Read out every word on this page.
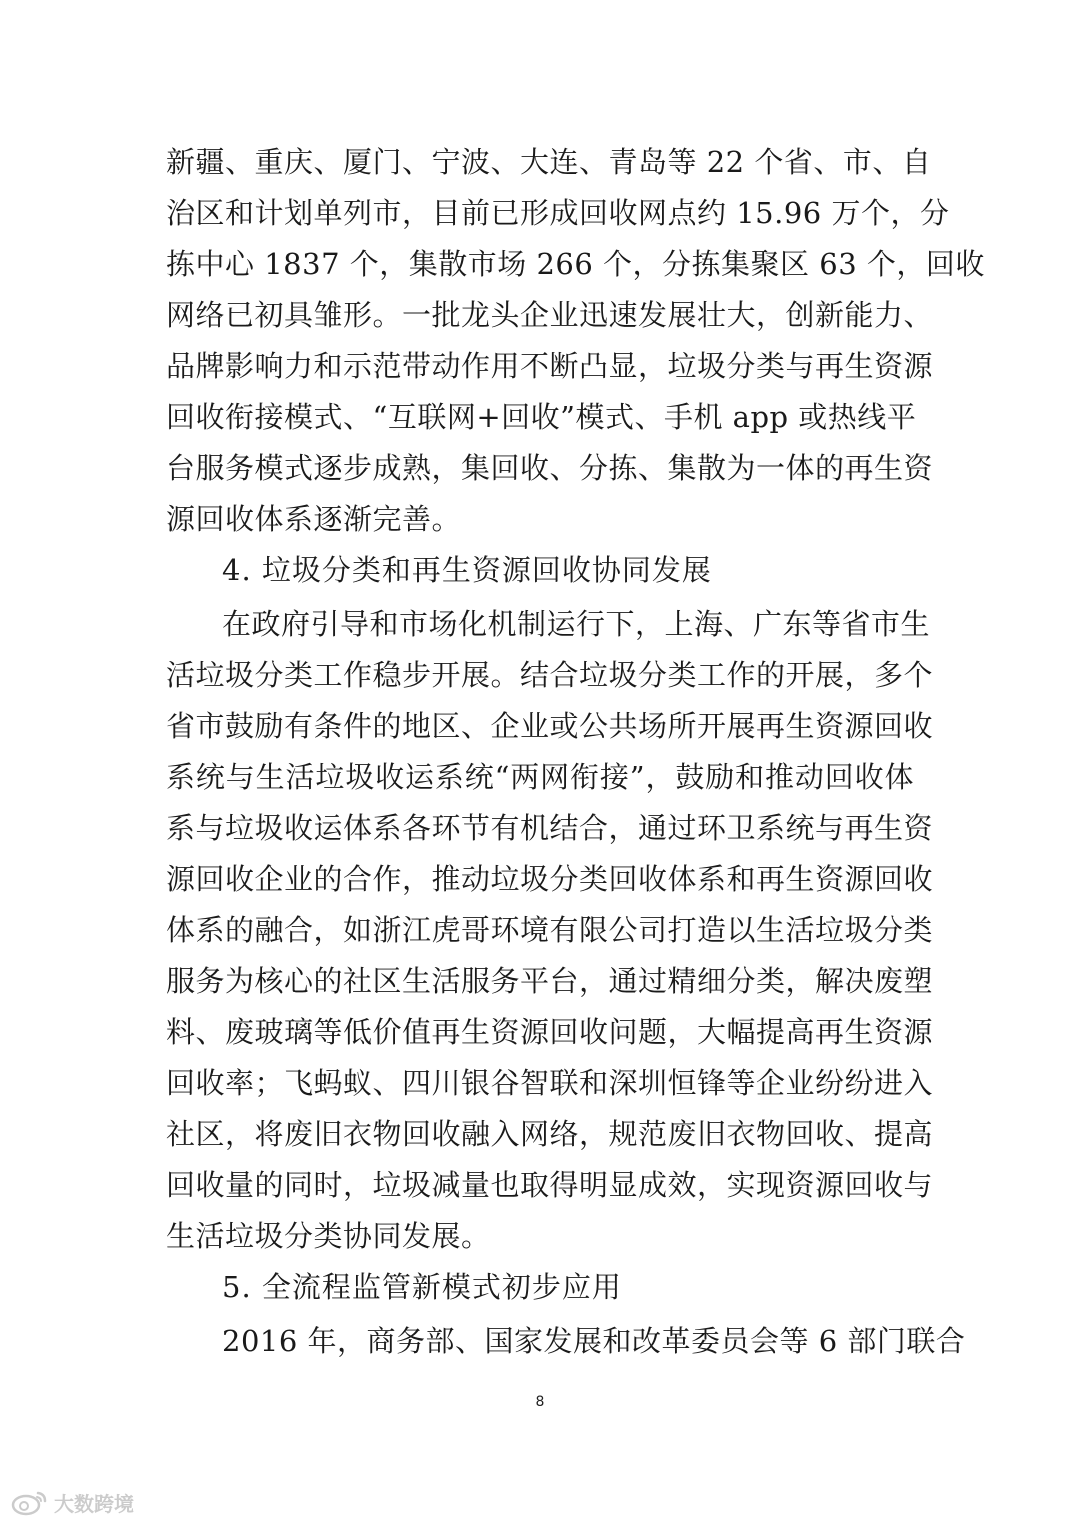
新疆、重庆、厦门、宁波、大连、青岛等 22 个省、市、自
治区和计划单列市，目前已形成回收网点约 15.96 万个，分
拣中心 1837 个，集散市场 266 个，分拣集聚区 63 个，回收
网络已初具雏形。一批龙头企业迅速发展壮大，创新能力、
品牌影响力和示范带动作用不断凸显，垃圾分类与再生资源
回收衔接模式、“互联网+回收”模式、手机 app 或热线平
台服务模式逐步成熟，集回收、分拣、集散为一体的再生资
源回收体系逐渐完善。
4. 垃圾分类和再生资源回收协同发展
在政府引导和市场化机制运行下，上海、广东等省市生
活垃圾分类工作稳步开展。结合垃圾分类工作的开展，多个
省市鼓励有条件的地区、企业或公共场所开展再生资源回收
系统与生活垃圾收运系统“两网衔接”，鼓励和推动回收体
系与垃圾收运体系各环节有机结合，通过环卫系统与再生资
源回收企业的合作，推动垃圾分类回收体系和再生资源回收
体系的融合，如浙江虎哥环境有限公司打造以生活垃圾分类
服务为核心的社区生活服务平台，通过精细分类，解决废塑
料、废玻璃等低价值再生资源回收问题，大幅提高再生资源
回收率；飞蚂蚁、四川银谷智联和深圳恒锋等企业纷纷进入
社区，将废旧衣物回收融入网络，规范废旧衣物回收、提高
回收量的同时，垃圾减量也取得明显成效，实现资源回收与
生活垃圾分类协同发展。
5. 全流程监管新模式初步应用
2016 年，商务部、国家发展和改革委员会等 6 部门联合
8
大数跨境
